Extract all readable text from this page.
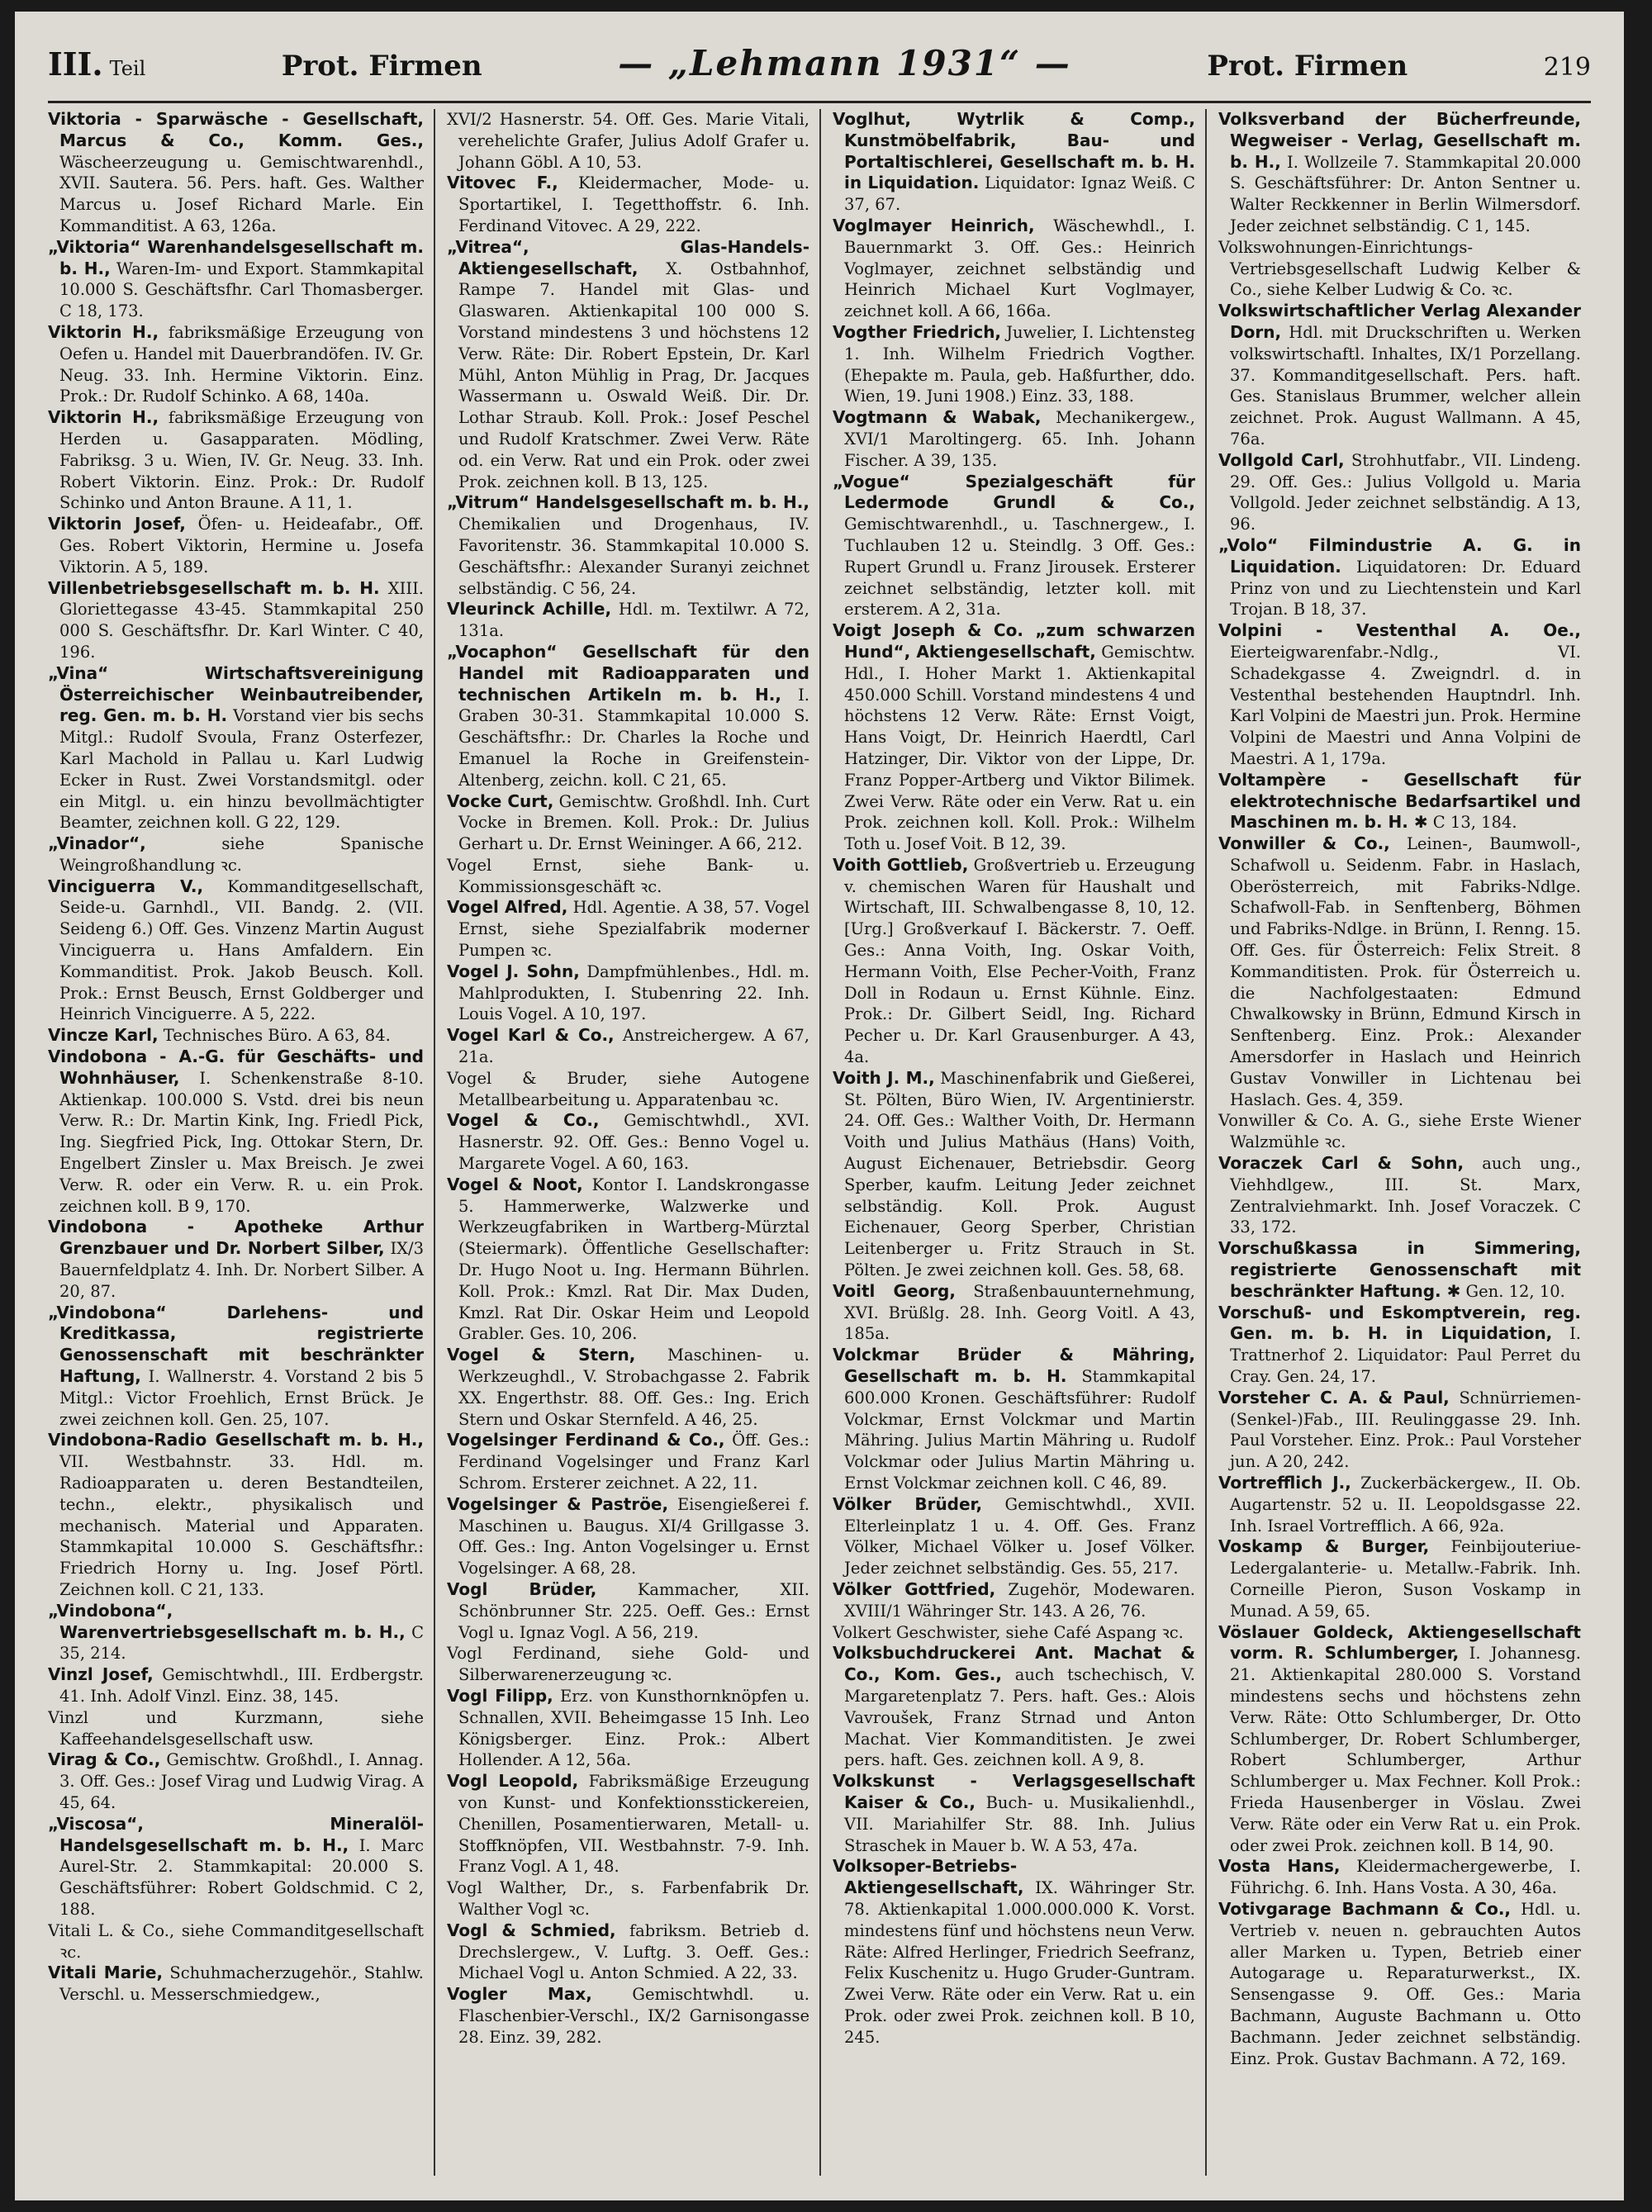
III. Teil	Prot. Firmen	— „Lehmann 1931“ —	Prot. Firmen	219

Viktoria - Sparwäsche - Gesellschaft, Marcus & Co., Komm. Ges., Wäscheerzeugung u. Gemischtwarenhdl., XVII. Sautera. 56. Pers. haft. Ges. Walther Marcus u. Josef Richard Marle. Ein Kommanditist. A 63, 126a.

„Viktoria“ Warenhandelsgesellschaft m. b. H., Waren-Im- und Export. Stammkapital 10.000 S. Geschäftsfhr. Carl Thomasberger. C 18, 173.

Viktorin H., fabriksmäßige Erzeugung von Oefen u. Handel mit Dauerbrandöfen. IV. Gr. Neug. 33. Inh. Hermine Viktorin. Einz. Prok.: Dr. Rudolf Schinko. A 68, 140a.

Viktorin H., fabriksmäßige Erzeugung von Herden u. Gasapparaten. Mödling, Fabriksg. 3 u. Wien, IV. Gr. Neug. 33. Inh. Robert Viktorin. Einz. Prok.: Dr. Rudolf Schinko und Anton Braune. A 11, 1.

Viktorin Josef, Öfen- u. Heideafabr., Off. Ges. Robert Viktorin, Hermine u. Josefa Viktorin. A 5, 189.

Villenbetriebsgesellschaft m. b. H. XIII. Gloriettegasse 43-45. Stammkapital 250 000 S. Geschäftsfhr. Dr. Karl Winter. C 40, 196.

„Vina“ Wirtschaftsvereinigung Österreichischer Weinbautreibender, reg. Gen. m. b. H. Vorstand vier bis sechs Mitgl.: Rudolf Svoula, Franz Osterfezer, Karl Machold in Pallau u. Karl Ludwig Ecker in Rust. Zwei Vorstandsmitgl. oder ein Mitgl. u. ein hinzu bevollmächtigter Beamter, zeichnen koll. G 22, 129.

„Vinador“,	siehe Spanische Weingroßhandlung ꝛc.

Vinciguerra V., Kommanditgesellschaft, Seide-u. Garnhdl., VII. Bandg. 2. (VII. Seideng 6.) Off. Ges. Vinzenz Martin August Vinciguerra u. Hans Amfaldern. Ein Kommanditist. Prok. Jakob Beusch. Koll. Prok.: Ernst Beusch, Ernst Goldberger und Heinrich Vinciguerre. A 5, 222.

Vincze Karl, Technisches Büro. A 63, 84.

Vindobona - A.-G. für Geschäfts- und Wohnhäuser, I. Schenkenstraße 8-10. Aktienkap. 100.000 S. Vstd. drei bis neun Verw. R.: Dr. Martin Kink, Ing. Friedl Pick, Ing. Siegfried Pick, Ing. Ottokar Stern, Dr. Engelbert Zinsler u. Max Breisch. Je zwei Verw. R. oder ein Verw. R. u. ein Prok. zeichnen koll. B 9, 170.

Vindobona - Apotheke Arthur Grenzbauer und Dr. Norbert Silber, IX/3 Bauernfeldplatz 4. Inh. Dr. Norbert Silber. A 20, 87.

„Vindobona“ Darlehens- und Kreditkassa, registrierte Genossenschaft mit beschränkter Haftung, I. Wallnerstr. 4. Vorstand 2 bis 5 Mitgl.: Victor Froehlich, Ernst Brück. Je zwei zeichnen koll. Gen. 25, 107.

Vindobona-Radio Gesellschaft m. b. H., VII. Westbahnstr. 33. Hdl. m. Radioapparaten u. deren Bestandteilen, techn., elektr., physikalisch und mechanisch. Material und Apparaten. Stammkapital 10.000 S. Geschäftsfhr.: Friedrich Horny u. Ing. Josef Pörtl. Zeichnen koll. C 21, 133.

„Vindobona“, Warenvertriebsgesellschaft m. b. H., C 35, 214.

Vinzl Josef, Gemischtwhdl., III. Erdbergstr. 41. Inh. Adolf Vinzl. Einz. 38, 145.

Vinzl und Kurzmann, siehe Kaffeehandelsgesellschaft usw.

Virag & Co., Gemischtw. Großhdl., I. Annag. 3. Off. Ges.: Josef Virag und Ludwig Virag. A 45, 64.

„Viscosa“, Mineralöl-Handelsgesellschaft m. b. H., I. Marc Aurel-Str. 2. Stammkapital: 20.000 S. Geschäftsführer: Robert Goldschmid. C 2, 188.

Vitali L. & Co., siehe Commanditgesellschaft ꝛc.

Vitali Marie, Schuhmacherzugehör., Stahlw. Verschl. u. Messerschmiedgew.,

XVI/2 Hasnerstr. 54. Off. Ges. Marie Vitali, verehelichte Grafer, Julius Adolf Grafer u. Johann Göbl. A 10, 53.

Vitovec F., Kleidermacher, Mode- u. Sportartikel, I. Tegetthoffstr. 6. Inh. Ferdinand Vitovec. A 29, 222.

„Vitrea“, Glas-Handels-Aktiengesellschaft, X. Ostbahnhof, Rampe 7. Handel mit Glas- und Glaswaren. Aktienkapital 100 000 S. Vorstand mindestens 3 und höchstens 12 Verw. Räte: Dir. Robert Epstein, Dr. Karl Mühl, Anton Mühlig in Prag, Dr. Jacques Wassermann u. Oswald Weiß. Dir. Dr. Lothar Straub. Koll. Prok.: Josef Peschel und Rudolf Kratschmer. Zwei Verw. Räte od. ein Verw. Rat und ein Prok. oder zwei Prok. zeichnen koll. B 13, 125.

„Vitrum“ Handelsgesellschaft m. b. H., Chemikalien und Drogenhaus, IV. Favoritenstr. 36. Stammkapital 10.000 S. Geschäftsfhr.: Alexander Suranyi zeichnet selbständig. C 56, 24.

Vleurinck Achille, Hdl. m. Textilwr. A 72, 131a.

„Vocaphon“ Gesellschaft für den Handel mit Radioapparaten und technischen Artikeln m. b. H., I. Graben 30-31. Stammkapital 10.000 S. Geschäftsfhr.: Dr. Charles la Roche und Emanuel la Roche in Greifenstein-Altenberg, zeichn. koll. C 21, 65.

Vocke Curt, Gemischtw. Großhdl. Inh. Curt Vocke in Bremen. Koll. Prok.: Dr. Julius Gerhart u. Dr. Ernst Weininger. A 66, 212.

Vogel Ernst, siehe Bank- u. Kommissionsgeschäft ꝛc.

Vogel Alfred, Hdl. Agentie. A 38, 57. Vogel Ernst, siehe Spezialfabrik moderner Pumpen ꝛc.

Vogel J. Sohn, Dampfmühlenbes., Hdl. m. Mahlprodukten, I. Stubenring 22. Inh. Louis Vogel. A 10, 197.

Vogel Karl & Co., Anstreichergew. A 67, 21a.

Vogel & Bruder, siehe Autogene Metallbearbeitung u. Apparatenbau ꝛc.

Vogel & Co., Gemischtwhdl., XVI. Hasnerstr. 92. Off. Ges.: Benno Vogel u. Margarete Vogel. A 60, 163.

Vogel & Noot, Kontor I. Landskrongasse 5. Hammerwerke, Walzwerke und Werkzeugfabriken in Wartberg-Mürztal (Steiermark). Öffentliche Gesellschafter: Dr. Hugo Noot u. Ing. Hermann Bührlen. Koll. Prok.: Kmzl. Rat Dir. Max Duden, Kmzl. Rat Dir. Oskar Heim und Leopold Grabler. Ges. 10, 206.

Vogel & Stern, Maschinen- u. Werkzeughdl., V. Strobachgasse 2. Fabrik XX. Engerthstr. 88. Off. Ges.: Ing. Erich Stern und Oskar Sternfeld. A 46, 25.

Vogelsinger Ferdinand & Co., Öff. Ges.: Ferdinand Vogelsinger und Franz Karl Schrom. Ersterer zeichnet. A 22, 11.

Vogelsinger & Paströe, Eisengießerei f. Maschinen u. Baugus. XI/4 Grillgasse 3. Off. Ges.: Ing. Anton Vogelsinger u. Ernst Vogelsinger. A 68, 28.

Vogl Brüder,	Kammacher, XII. Schönbrunner Str. 225. Oeff. Ges.: Ernst Vogl u. Ignaz Vogl. A 56, 219.

Vogl Ferdinand, siehe Gold- und Silberwarenerzeugung ꝛc.

Vogl Filipp, Erz. von Kunsthornknöpfen u. Schnallen, XVII. Beheimgasse 15 Inh. Leo Königsberger. Einz. Prok.: Albert Hollender. A 12, 56a.

Vogl Leopold, Fabriksmäßige Erzeugung von Kunst- und Konfektionsstickereien, Chenillen, Posamentierwaren, Metall- u. Stoffknöpfen, VII. Westbahnstr. 7-9. Inh. Franz Vogl. A 1, 48.

Vogl Walther, Dr., s. Farbenfabrik Dr. Walther Vogl ꝛc.

Vogl & Schmied, fabriksm. Betrieb d. Drechslergew., V. Luftg. 3. Oeff. Ges.: Michael Vogl u. Anton Schmied. A 22, 33.

Vogler Max, Gemischtwhdl. u. Flaschenbier-Verschl., IX/2 Garnisongasse 28. Einz. 39, 282.

Voglhut, Wytrlik & Comp., Kunstmöbelfabrik, Bau- und Portaltischlerei, Gesellschaft m. b. H. in Liquidation. Liquidator: Ignaz Weiß. C 37, 67.

Voglmayer Heinrich, Wäschewhdl., I. Bauernmarkt 3. Off. Ges.: Heinrich Voglmayer, zeichnet selbständig und Heinrich Michael Kurt Voglmayer, zeichnet koll. A 66, 166a.

Vogther Friedrich, Juwelier, I. Lichtensteg 1. Inh. Wilhelm Friedrich Vogther. (Ehepakte m. Paula, geb. Haßfurther, ddo. Wien, 19. Juni 1908.) Einz. 33, 188.

Vogtmann & Wabak, Mechanikergew., XVI/1 Maroltingerg. 65. Inh. Johann Fischer. A 39, 135.

„Vogue“ Spezialgeschäft für Ledermode Grundl & Co., Gemischtwarenhdl., u. Taschnergew., I. Tuchlauben 12 u. Steindlg. 3 Off. Ges.: Rupert Grundl u. Franz Jirousek. Ersterer zeichnet selbständig, letzter koll. mit ersterem. A 2, 31a.

Voigt Joseph & Co. „zum schwarzen Hund“, Aktiengesellschaft, Gemischtw. Hdl., I. Hoher Markt 1. Aktienkapital 450.000 Schill. Vorstand mindestens 4 und höchstens 12 Verw. Räte: Ernst Voigt, Hans Voigt, Dr. Heinrich Haerdtl, Carl Hatzinger, Dir. Viktor von der Lippe, Dr. Franz Popper-Artberg und Viktor Bilimek. Zwei Verw. Räte oder ein Verw. Rat u. ein Prok. zeichnen koll. Koll. Prok.: Wilhelm Toth u. Josef Voit. B 12, 39.

Voith Gottlieb, Großvertrieb u. Erzeugung v. chemischen Waren für Haushalt und Wirtschaft, III. Schwalbengasse 8, 10, 12. [Urg.] Großverkauf I. Bäckerstr. 7. Oeff. Ges.: Anna Voith, Ing. Oskar Voith, Hermann Voith, Else Pecher-Voith, Franz Doll in Rodaun u. Ernst Kühnle. Einz. Prok.: Dr. Gilbert Seidl, Ing. Richard Pecher u. Dr. Karl Grausenburger. A 43, 4a.

Voith J. M., Maschinenfabrik und Gießerei, St. Pölten, Büro Wien, IV. Argentinierstr. 24. Off. Ges.: Walther Voith, Dr. Hermann Voith und Julius Mathäus (Hans) Voith, August Eichenauer, Betriebsdir. Georg Sperber, kaufm. Leitung Jeder zeichnet selbständig. Koll. Prok. August Eichenauer, Georg Sperber, Christian Leitenberger u. Fritz Strauch in St. Pölten. Je zwei zeichnen koll. Ges. 58, 68.

Voitl Georg, Straßenbauunternehmung, XVI. Brüßlg. 28. Inh. Georg Voitl. A 43, 185a.

Volckmar Brüder & Mähring, Gesellschaft m. b. H. Stammkapital 600.000 Kronen. Geschäftsführer: Rudolf Volckmar, Ernst Volckmar und Martin Mähring. Julius Martin Mähring u. Rudolf Volckmar oder Julius Martin Mähring u. Ernst Volckmar zeichnen koll. C 46, 89.

Völker Brüder, Gemischtwhdl., XVII. Elterleinplatz 1 u. 4. Off. Ges. Franz Völker, Michael Völker u. Josef Völker. Jeder zeichnet selbständig. Ges. 55, 217.

Völker Gottfried, Zugehör, Modewaren. XVIII/1 Währinger Str. 143. A 26, 76.

Volkert Geschwister, siehe Café Aspang ꝛc.

Volksbuchdruckerei Ant. Machat & Co., Kom. Ges., auch tschechisch, V. Margaretenplatz 7. Pers. haft. Ges.: Alois Vavroušek, Franz Strnad und Anton Machat. Vier Kommanditisten. Je zwei pers. haft. Ges. zeichnen koll. A 9, 8.

Volkskunst - Verlagsgesellschaft Kaiser & Co., Buch- u. Musikalienhdl., VII. Mariahilfer Str. 88. Inh. Julius Straschek in Mauer b. W. A 53, 47a.

Volksoper-Betriebs-Aktiengesellschaft, IX. Währinger Str. 78. Aktienkapital 1.000.000.000 K. Vorst. mindestens fünf und höchstens neun Verw. Räte: Alfred Herlinger, Friedrich Seefranz, Felix Kuschenitz u. Hugo Gruder-Guntram. Zwei Verw. Räte oder ein Verw. Rat u. ein Prok. oder zwei Prok. zeichnen koll. B 10, 245.

Volksverband der Bücherfreunde, Wegweiser - Verlag, Gesellschaft m. b. H., I. Wollzeile 7. Stammkapital 20.000 S. Geschäftsführer: Dr. Anton Sentner u. Walter Reckkenner in Berlin Wilmersdorf. Jeder zeichnet selbständig. C 1, 145.

Volkswohnungen-Einrichtungs-Vertriebsgesellschaft Ludwig Kelber & Co., siehe Kelber Ludwig & Co. ꝛc.

Volkswirtschaftlicher Verlag Alexander Dorn, Hdl. mit Druckschriften u. Werken volkswirtschaftl. Inhaltes, IX/1 Porzellang. 37. Kommanditgesellschaft. Pers. haft. Ges. Stanislaus Brummer, welcher allein zeichnet. Prok. August Wallmann. A 45, 76a.

Vollgold Carl, Strohhutfabr., VII. Lindeng. 29. Off. Ges.: Julius Vollgold u. Maria Vollgold. Jeder zeichnet selbständig. A 13, 96.

„Volo“ Filmindustrie A. G. in Liquidation. Liquidatoren: Dr. Eduard Prinz von und zu Liechtenstein und Karl Trojan. B 18, 37.

Volpini - Vestenthal A. Oe., Eierteigwarenfabr.-Ndlg., VI. Schadekgasse 4. Zweigndrl. d. in Vestenthal bestehenden Hauptndrl. Inh. Karl Volpini de Maestri jun. Prok. Hermine Volpini de Maestri und Anna Volpini de Maestri. A 1, 179a.

Voltampère - Gesellschaft für elektrotechnische Bedarfsartikel und Maschinen m. b. H. ✱ C 13, 184.

Vonwiller & Co., Leinen-, Baumwoll-, Schafwoll u. Seidenm. Fabr. in Haslach, Oberösterreich, mit Fabriks-Ndlge. Schafwoll-Fab. in Senftenberg, Böhmen und Fabriks-Ndlge. in Brünn, I. Renng. 15. Off. Ges. für Österreich: Felix Streit. 8 Kommanditisten. Prok. für Österreich u. die Nachfolgestaaten: Edmund Chwalkowsky in Brünn, Edmund Kirsch in Senftenberg. Einz. Prok.: Alexander Amersdorfer in Haslach und Heinrich Gustav Vonwiller in Lichtenau bei Haslach. Ges. 4, 359.

Vonwiller & Co. A. G., siehe Erste Wiener Walzmühle ꝛc.

Voraczek Carl & Sohn, auch ung., Viehhdlgew., III. St. Marx, Zentralviehmarkt. Inh. Josef Voraczek. C 33, 172.

Vorschußkassa in Simmering, registrierte Genossenschaft mit beschränkter Haftung. ✱ Gen. 12, 10.

Vorschuß- und Eskomptverein, reg. Gen. m. b. H. in Liquidation, I. Trattnerhof 2. Liquidator: Paul Perret du Cray. Gen. 24, 17.

Vorsteher C. A. & Paul, Schnürriemen-(Senkel-)Fab., III. Reulinggasse 29. Inh. Paul Vorsteher. Einz. Prok.: Paul Vorsteher jun. A 20, 242.

Vortrefflich J., Zuckerbäckergew., II. Ob. Augartenstr. 52 u. II. Leopoldsgasse 22. Inh. Israel Vortrefflich. A 66, 92a.

Voskamp & Burger, Feinbijouteriue-Ledergalanterie- u. Metallw.-Fabrik. Inh. Corneille Pieron, Suson Voskamp in Munad. A 59, 65.

Vöslauer Goldeck, Aktiengesellschaft vorm. R. Schlumberger, I. Johannesg. 21. Aktienkapital 280.000 S. Vorstand mindestens sechs und höchstens zehn Verw. Räte: Otto Schlumberger, Dr. Otto Schlumberger, Dr. Robert Schlumberger, Robert Schlumberger, Arthur Schlumberger u. Max Fechner. Koll Prok.: Frieda Hausenberger in Vöslau. Zwei Verw. Räte oder ein Verw Rat u. ein Prok. oder zwei Prok. zeichnen koll. B 14, 90.

Vosta Hans, Kleidermachergewerbe, I. Führichg. 6. Inh. Hans Vosta. A 30, 46a.

Votivgarage Bachmann & Co., Hdl. u. Vertrieb v. neuen n. gebrauchten Autos aller Marken u. Typen, Betrieb einer Autogarage u. Reparaturwerkst., IX. Sensengasse 9. Off. Ges.: Maria Bachmann, Auguste Bachmann u. Otto Bachmann. Jeder zeichnet selbständig. Einz. Prok. Gustav Bachmann. A 72, 169.
